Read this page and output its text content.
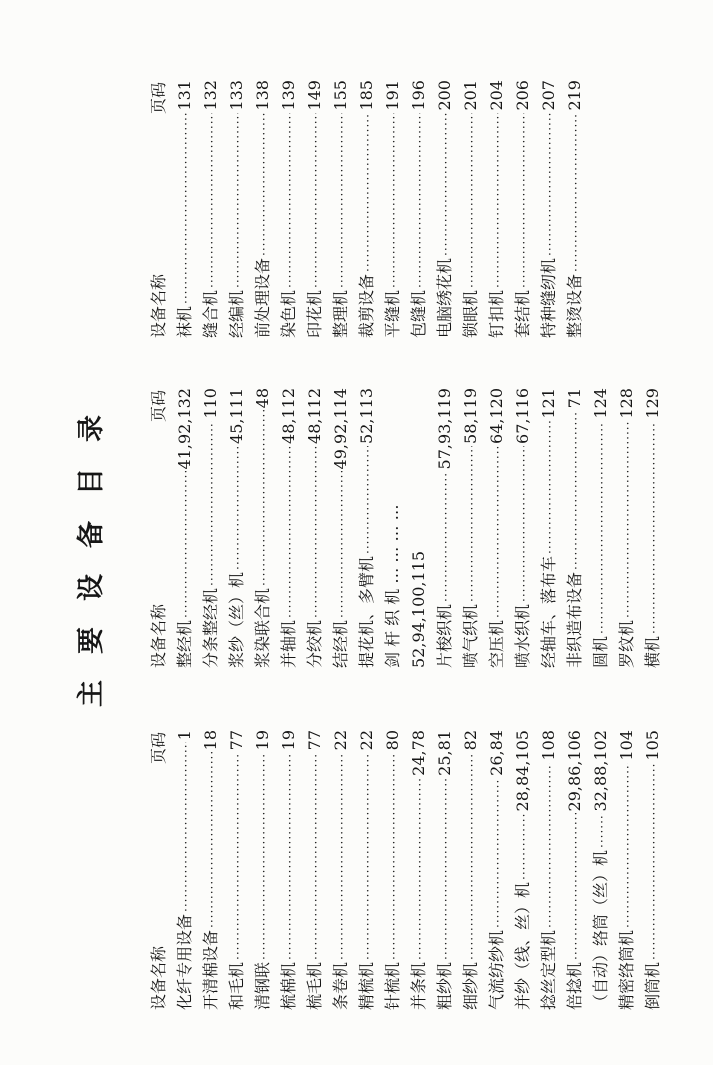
主要设备目录
设备名称
页码
化纤专用设备
·····
1
开清棉设备
·····
18
和毛机
·····
77
清钢联
·····
19
梳棉机
·····
19
梳毛机
·····
77
条卷机
·····
22
精梳机
·····
22
针梳机
·····
80
并条机
·····
24,78
粗纱机
·····
25,81
细纱机
·····
82
气流纺纱机
·····
26,84
并纱（线、丝）机
·····
28,84,105
捻丝定型机
·····
108
倍捻机
·····
29,86,106
（自动）络筒（丝）机
·····
32,88,102
精密络筒机
·····
104
倒筒机
·····
105
设备名称
页码
整经机
·····
41,92,132
分条整经机
·····
110
浆纱（丝）机
·····
45,111
浆染联合机
·····
48
并轴机
·····
48,112
分绞机
·····
48,112
结经机
·····
49,92,114
提花机、多臂机
·····
52,113
剑 杆 织 机 … … … … 52,94,100,115 片梭织机
·····
57,93,119
喷气织机
·····
58,119
空压机
·····
64,120
喷水织机
·····
67,116
经轴车、落布车
·····
121
非织造布设备
·····
71
圆机
·····
124
罗纹机
·····
128
横机
·····
129
设备名称
页码
袜机
·····
131
缝合机
·····
132
经编机
·····
133
前处理设备
·····
138
染色机
·····
139
印花机
·····
149
整理机
·····
155
裁剪设备
·····
185
平缝机
·····
191
包缝机
·····
196
电脑绣花机
·····
200
锁眼机
·····
201
钉扣机
·····
204
套结机
·····
206
特种缝纫机
·····
207
整烫设备
·····
219
